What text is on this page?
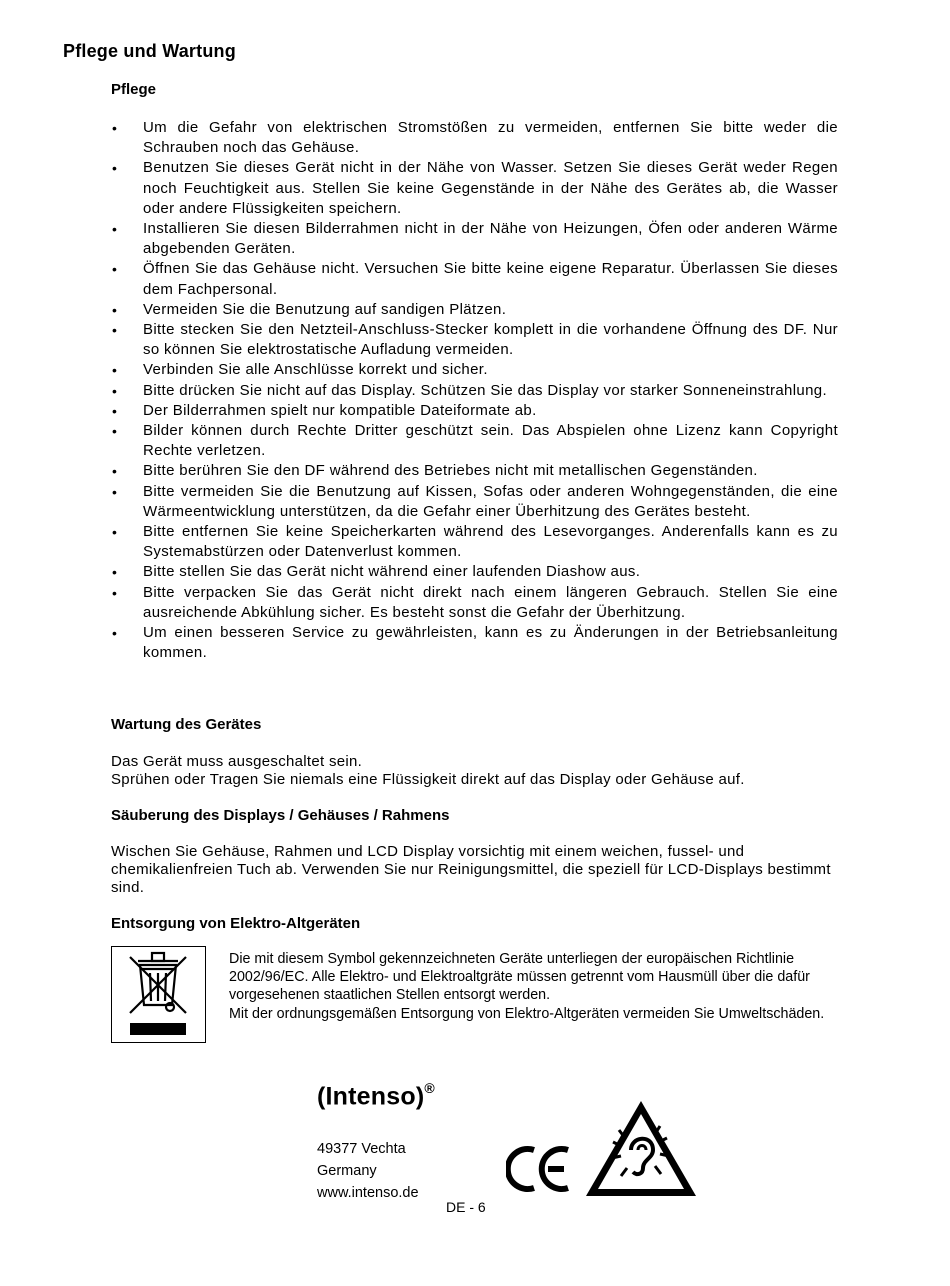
Pflege und Wartung
Pflege
• Um die Gefahr von elektrischen Stromstößen zu vermeiden, entfernen Sie bitte weder die Schrauben noch das Gehäuse.
• Benutzen Sie dieses Gerät nicht in der Nähe von Wasser. Setzen Sie dieses Gerät weder Regen noch Feuchtigkeit aus. Stellen Sie keine Gegenstände in der Nähe des Gerätes ab, die Wasser oder andere Flüssigkeiten speichern.
• Installieren Sie diesen Bilderrahmen nicht in der Nähe von Heizungen, Öfen oder anderen Wärme abgebenden Geräten.
• Öffnen Sie das Gehäuse nicht. Versuchen Sie bitte keine eigene Reparatur. Überlassen Sie dieses dem Fachpersonal.
• Vermeiden Sie die Benutzung auf sandigen Plätzen.
• Bitte stecken Sie den Netzteil-Anschluss-Stecker komplett in die vorhandene Öffnung des DF. Nur so können Sie elektrostatische Aufladung vermeiden.
• Verbinden Sie alle Anschlüsse korrekt und sicher.
• Bitte drücken Sie nicht auf das Display. Schützen Sie das Display vor starker Sonneneinstrahlung.
• Der Bilderrahmen spielt nur kompatible Dateiformate ab.
• Bilder können durch Rechte Dritter geschützt sein. Das Abspielen ohne Lizenz kann Copyright Rechte verletzen.
• Bitte berühren Sie den DF während des Betriebes nicht mit metallischen Gegenständen.
• Bitte vermeiden Sie die Benutzung auf Kissen, Sofas oder anderen Wohngegenständen, die eine Wärmeentwicklung unterstützen, da die Gefahr einer Überhitzung des Gerätes besteht.
• Bitte entfernen Sie keine Speicherkarten während des Lesevorganges. Anderenfalls kann es zu Systemabstürzen oder Datenverlust kommen.
• Bitte stellen Sie das Gerät nicht während einer laufenden Diashow aus.
• Bitte verpacken Sie das Gerät nicht direkt nach einem längeren Gebrauch. Stellen Sie eine ausreichende Abkühlung sicher. Es besteht sonst die Gefahr der Überhitzung.
• Um einen besseren Service zu gewährleisten, kann es zu Änderungen in der Betriebsanleitung kommen.
Wartung des Gerätes

Das Gerät muss ausgeschaltet sein.

Sprühen oder Tragen Sie niemals eine Flüssigkeit direkt auf das Display oder Gehäuse auf.

Säuberung des Displays / Gehäuses / Rahmens

Wischen Sie Gehäuse, Rahmen und LCD Display vorsichtig mit einem weichen, fussel- und chemikalienfreien Tuch ab. Verwenden Sie nur Reinigungsmittel, die speziell für LCD-Displays bestimmt sind.

Entsorgung von Elektro-Altgeräten

Die mit diesem Symbol gekennzeichneten Geräte unterliegen der europäischen Richtlinie 2002/96/EC. Alle Elektro- und Elektroaltgräte müssen getrennt vom Hausmüll über die dafür vorgesehenen staatlichen Stellen entsorgt werden.

Mit der ordnungsgemäßen Entsorgung von Elektro-Altgeräten vermeiden Sie Umweltschäden.

(Intenso)®
49377 Vechta
Germany
www.intenso.de
DE - 6
